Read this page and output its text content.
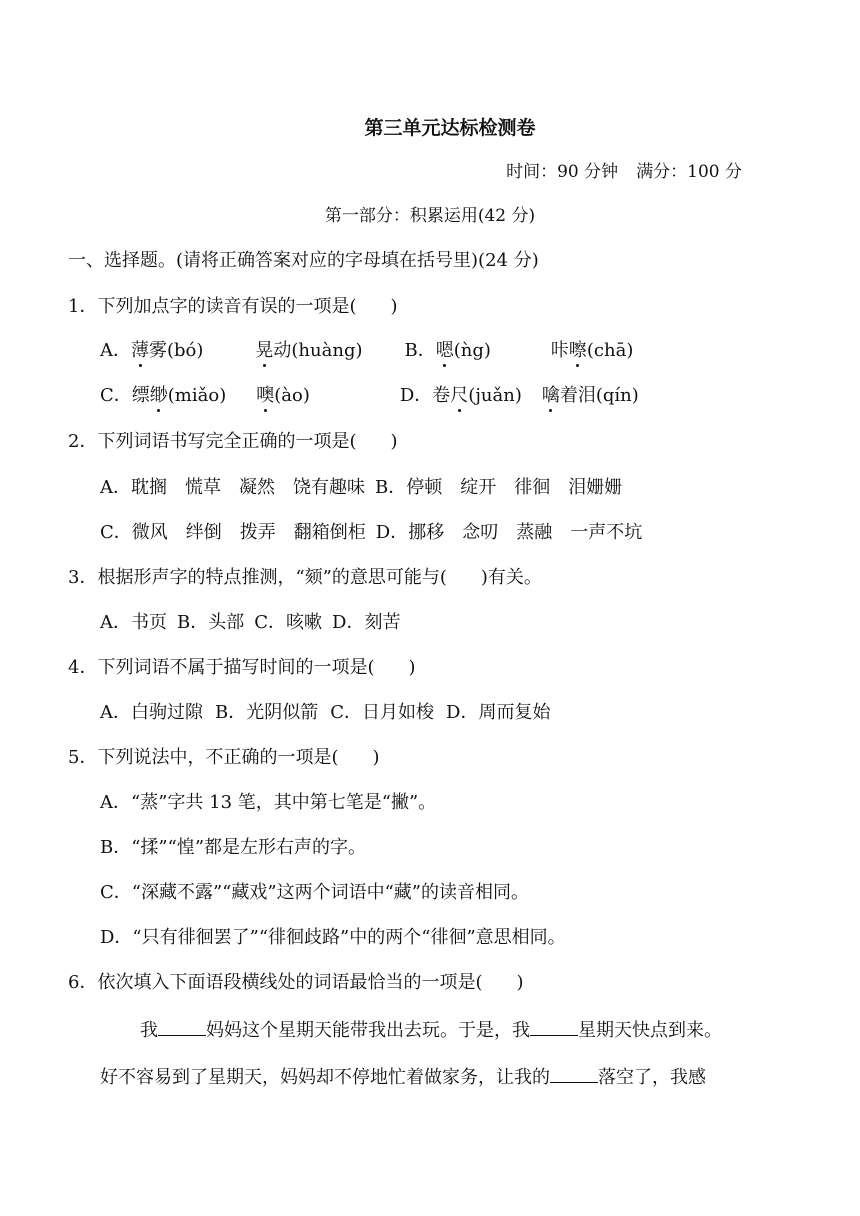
第三单元达标检测卷
时间：90 分钟 满分：100 分
第一部分：积累运用(42 分)
一、选择题。(请将正确答案对应的字母填在括号里)(24 分)
1．下列加点字的读音有误的一项是( )
A．薄雾(bó)	晃动(huàng) B．嗯(ǹg)	咔嚓(chā)
C．缥缈(miǎo) 噢(ào)	D．卷尺(juǎn) 噙着泪(qín)
2．下列词语书写完全正确的一项是( )
A．耽搁 慌草 凝然 饶有趣味 B．停顿 绽开 徘徊 泪姗姗
C．微风 绊倒 拨弄 翻箱倒柜 D．挪移 念叨 蒸融 一声不坑
3．根据形声字的特点推测，“颏”的意思可能与( )有关。
A．书页 B．头部 C．咳嗽 D．刻苦
4．下列词语不属于描写时间的一项是( )
A．白驹过隙 B．光阴似箭 C．日月如梭 D．周而复始
5．下列说法中，不正确的一项是( )
A．“蒸”字共 13 笔，其中第七笔是“撇”。
B．“揉”“惶”都是左形右声的字。
C．“深藏不露”“藏戏”这两个词语中“藏”的读音相同。
D．“只有徘徊罢了”“徘徊歧路”中的两个“徘徊”意思相同。
6．依次填入下面语段横线处的词语最恰当的一项是( )
我	妈妈这个星期天能带我出去玩。于是，我	星期天快点到来。
好不容易到了星期天，妈妈却不停地忙着做家务，让我的	落空了，我感
